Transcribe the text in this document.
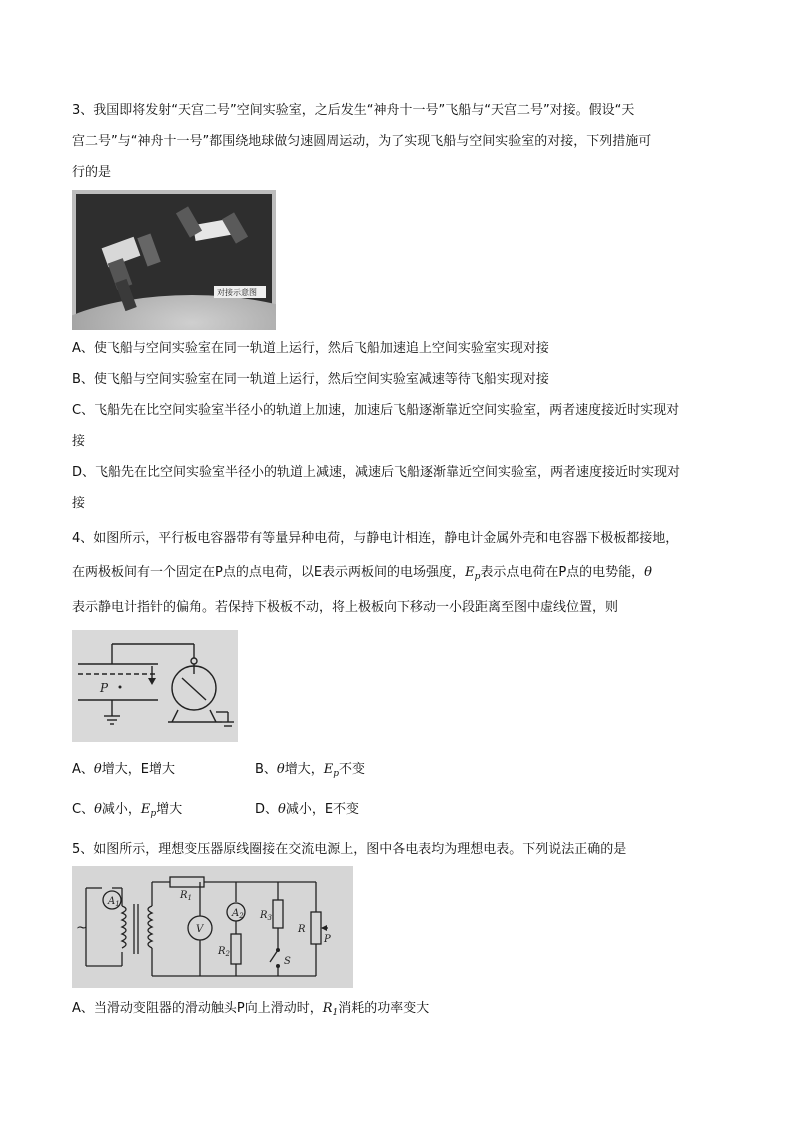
3、我国即将发射“天宫二号”空间实验室，之后发生“神舟十一号”飞船与“天宫二号”对接。假设“天
宫二号”与“神舟十一号”都围绕地球做匀速圆周运动，为了实现飞船与空间实验室的对接，下列措施可
行的是
对接示意图
A、使飞船与空间实验室在同一轨道上运行，然后飞船加速追上空间实验室实现对接
B、使飞船与空间实验室在同一轨道上运行，然后空间实验室减速等待飞船实现对接
C、飞船先在比空间实验室半径小的轨道上加速，加速后飞船逐渐靠近空间实验室，两者速度接近时实现对
接
D、飞船先在比空间实验室半径小的轨道上减速，减速后飞船逐渐靠近空间实验室，两者速度接近时实现对
接
4、如图所示，平行板电容器带有等量异种电荷，与静电计相连，静电计金属外壳和电容器下极板都接地，
在两极板间有一个固定在P点的点电荷，以E表示两板间的电场强度，$E_p$表示点电荷在P点的电势能，θ
表示静电计指针的偏角。若保持下极板不动，将上极板向下移动一小段距离至图中虚线位置，则
P
A、θ增大，E增大	B、θ增大，$E_p$不变
C、θ减小，$E_p$增大	D、θ减小，E不变
5、如图所示，理想变压器原线圈接在交流电源上，图中各电表均为理想电表。下列说法正确的是
$A_1$
$R_1$
V
$A_2$
$R_2$
$R_3$
R
P
S
~
A、当滑动变阻器的滑动触头P向上滑动时，$R_1$消耗的功率变大
